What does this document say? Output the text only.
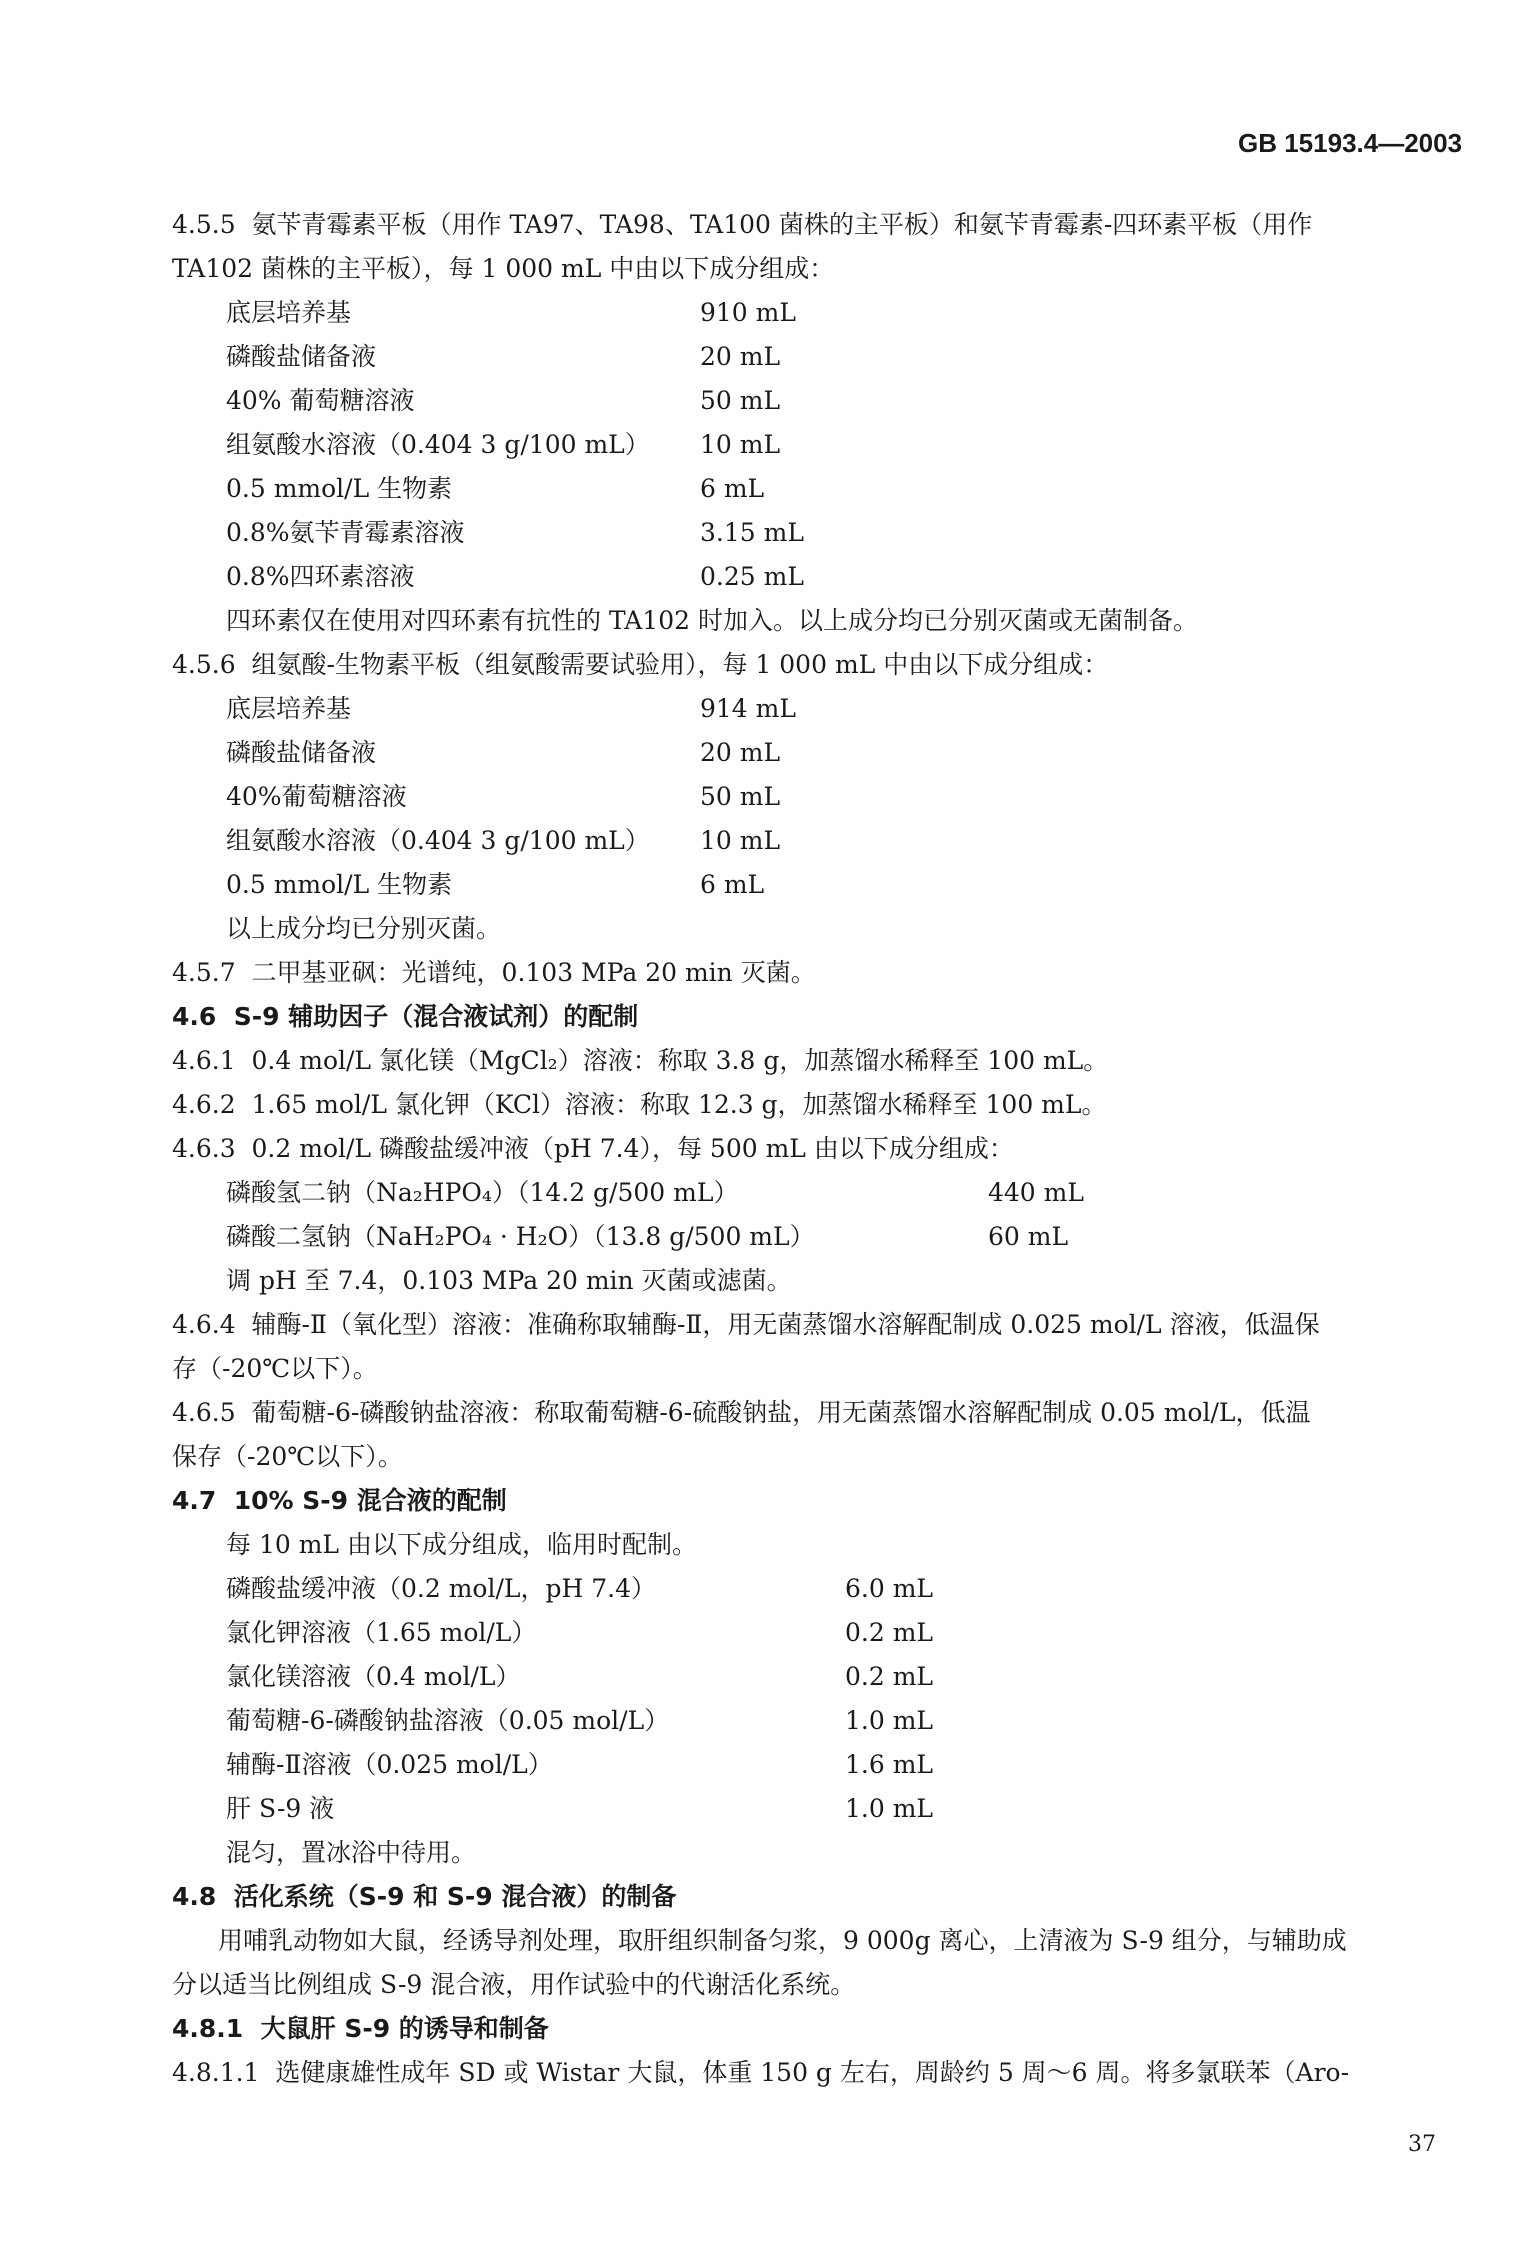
GB 15193.4—2003
4.5.5 氨苄青霉素平板（用作 TA97、TA98、TA100 菌株的主平板）和氨苄青霉素-四环素平板（用作
TA102 菌株的主平板），每 1 000 mL 中由以下成分组成：
底层培养基	910 mL
磷酸盐储备液	20 mL
40% 葡萄糖溶液	50 mL
组氨酸水溶液（0.404 3 g/100 mL） 10 mL
0.5 mmol/L 生物素	6 mL
0.8%氨苄青霉素溶液	3.15 mL
0.8%四环素溶液	0.25 mL
四环素仅在使用对四环素有抗性的 TA102 时加入。以上成分均已分别灭菌或无菌制备。
4.5.6 组氨酸-生物素平板（组氨酸需要试验用），每 1 000 mL 中由以下成分组成：
底层培养基	914 mL
磷酸盐储备液	20 mL
40%葡萄糖溶液	50 mL
组氨酸水溶液（0.404 3 g/100 mL） 10 mL
0.5 mmol/L 生物素	6 mL
以上成分均已分别灭菌。
4.5.7 二甲基亚砜：光谱纯，0.103 MPa 20 min 灭菌。
4.6 S-9 辅助因子（混合液试剂）的配制
4.6.1 0.4 mol/L 氯化镁（MgCl₂）溶液：称取 3.8 g，加蒸馏水稀释至 100 mL。
4.6.2 1.65 mol/L 氯化钾（KCl）溶液：称取 12.3 g，加蒸馏水稀释至 100 mL。
4.6.3 0.2 mol/L 磷酸盐缓冲液（pH 7.4），每 500 mL 由以下成分组成：
磷酸氢二钠（Na₂HPO₄）（14.2 g/500 mL）	440 mL
磷酸二氢钠（NaH₂PO₄ · H₂O）（13.8 g/500 mL）	60 mL
调 pH 至 7.4，0.103 MPa 20 min 灭菌或滤菌。
4.6.4 辅酶-Ⅱ（氧化型）溶液：准确称取辅酶-Ⅱ，用无菌蒸馏水溶解配制成 0.025 mol/L 溶液，低温保
存（-20℃以下）。
4.6.5 葡萄糖-6-磷酸钠盐溶液：称取葡萄糖-6-硫酸钠盐，用无菌蒸馏水溶解配制成 0.05 mol/L，低温
保存（-20℃以下）。
4.7 10% S-9 混合液的配制
每 10 mL 由以下成分组成，临用时配制。
磷酸盐缓冲液（0.2 mol/L，pH 7.4）	6.0 mL
氯化钾溶液（1.65 mol/L）	0.2 mL
氯化镁溶液（0.4 mol/L）	0.2 mL
葡萄糖-6-磷酸钠盐溶液（0.05 mol/L）	1.0 mL
辅酶-Ⅱ溶液（0.025 mol/L）	1.6 mL
肝 S-9 液	1.0 mL
混匀，置冰浴中待用。
4.8 活化系统（S-9 和 S-9 混合液）的制备
用哺乳动物如大鼠，经诱导剂处理，取肝组织制备匀浆，9 000g 离心，上清液为 S-9 组分，与辅助成
分以适当比例组成 S-9 混合液，用作试验中的代谢活化系统。
4.8.1 大鼠肝 S-9 的诱导和制备
4.8.1.1 选健康雄性成年 SD 或 Wistar 大鼠，体重 150 g 左右，周龄约 5 周～6 周。将多氯联苯（Aro-
37
